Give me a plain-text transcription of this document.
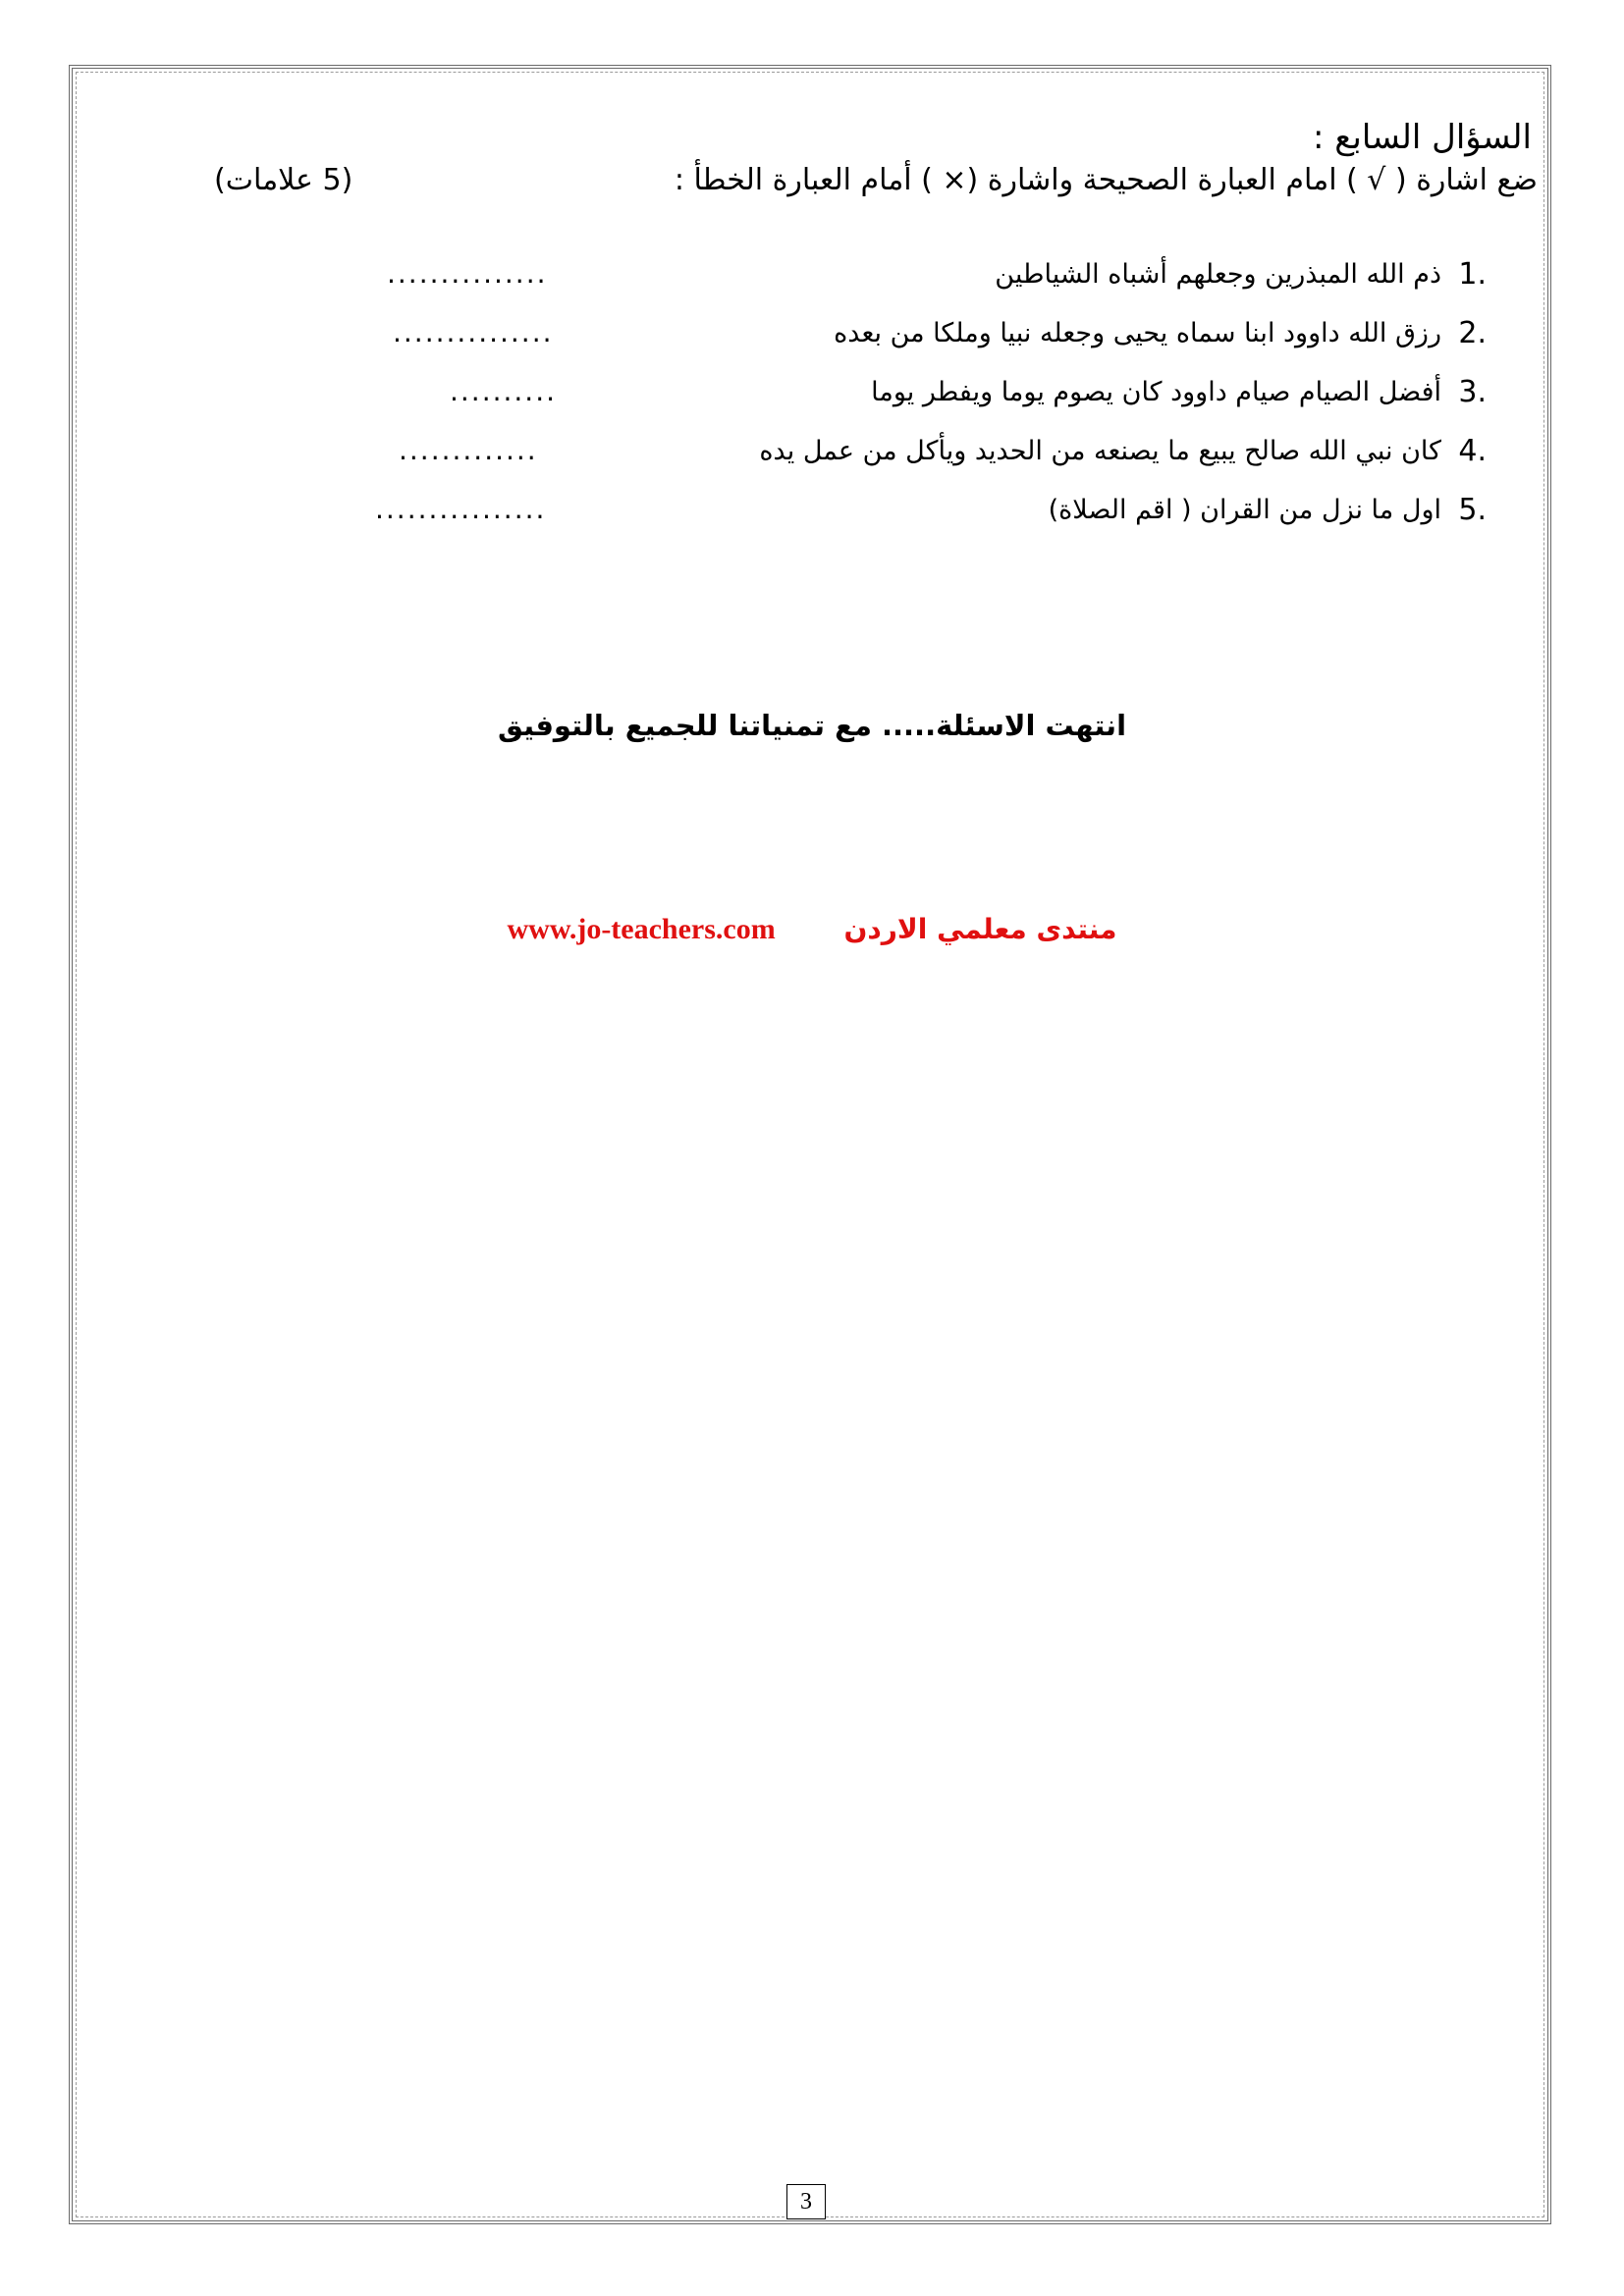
السؤال السابع :
ضع اشارة ( √ ) امام العبارة الصحيحة واشارة (× ) أمام العبارة الخطأ :
(5 علامات)
1.
ذم الله المبذرين وجعلهم أشباه الشياطين
...............
2.
رزق الله داوود ابنا سماه يحيى وجعله نبيا وملكا من بعده
...............
3.
أفضل الصيام صيام داوود كان يصوم يوما ويفطر يوما
..........
4.
كان نبي الله صالح يبيع ما يصنعه من الحديد ويأكل من عمل يده
.............
5.
اول ما نزل من القران ( اقم الصلاة)
................
انتهت الاسئلة..... مع تمنياتنا للجميع بالتوفيق
www.jo-teachers.com منتدى معلمي الاردن
3
